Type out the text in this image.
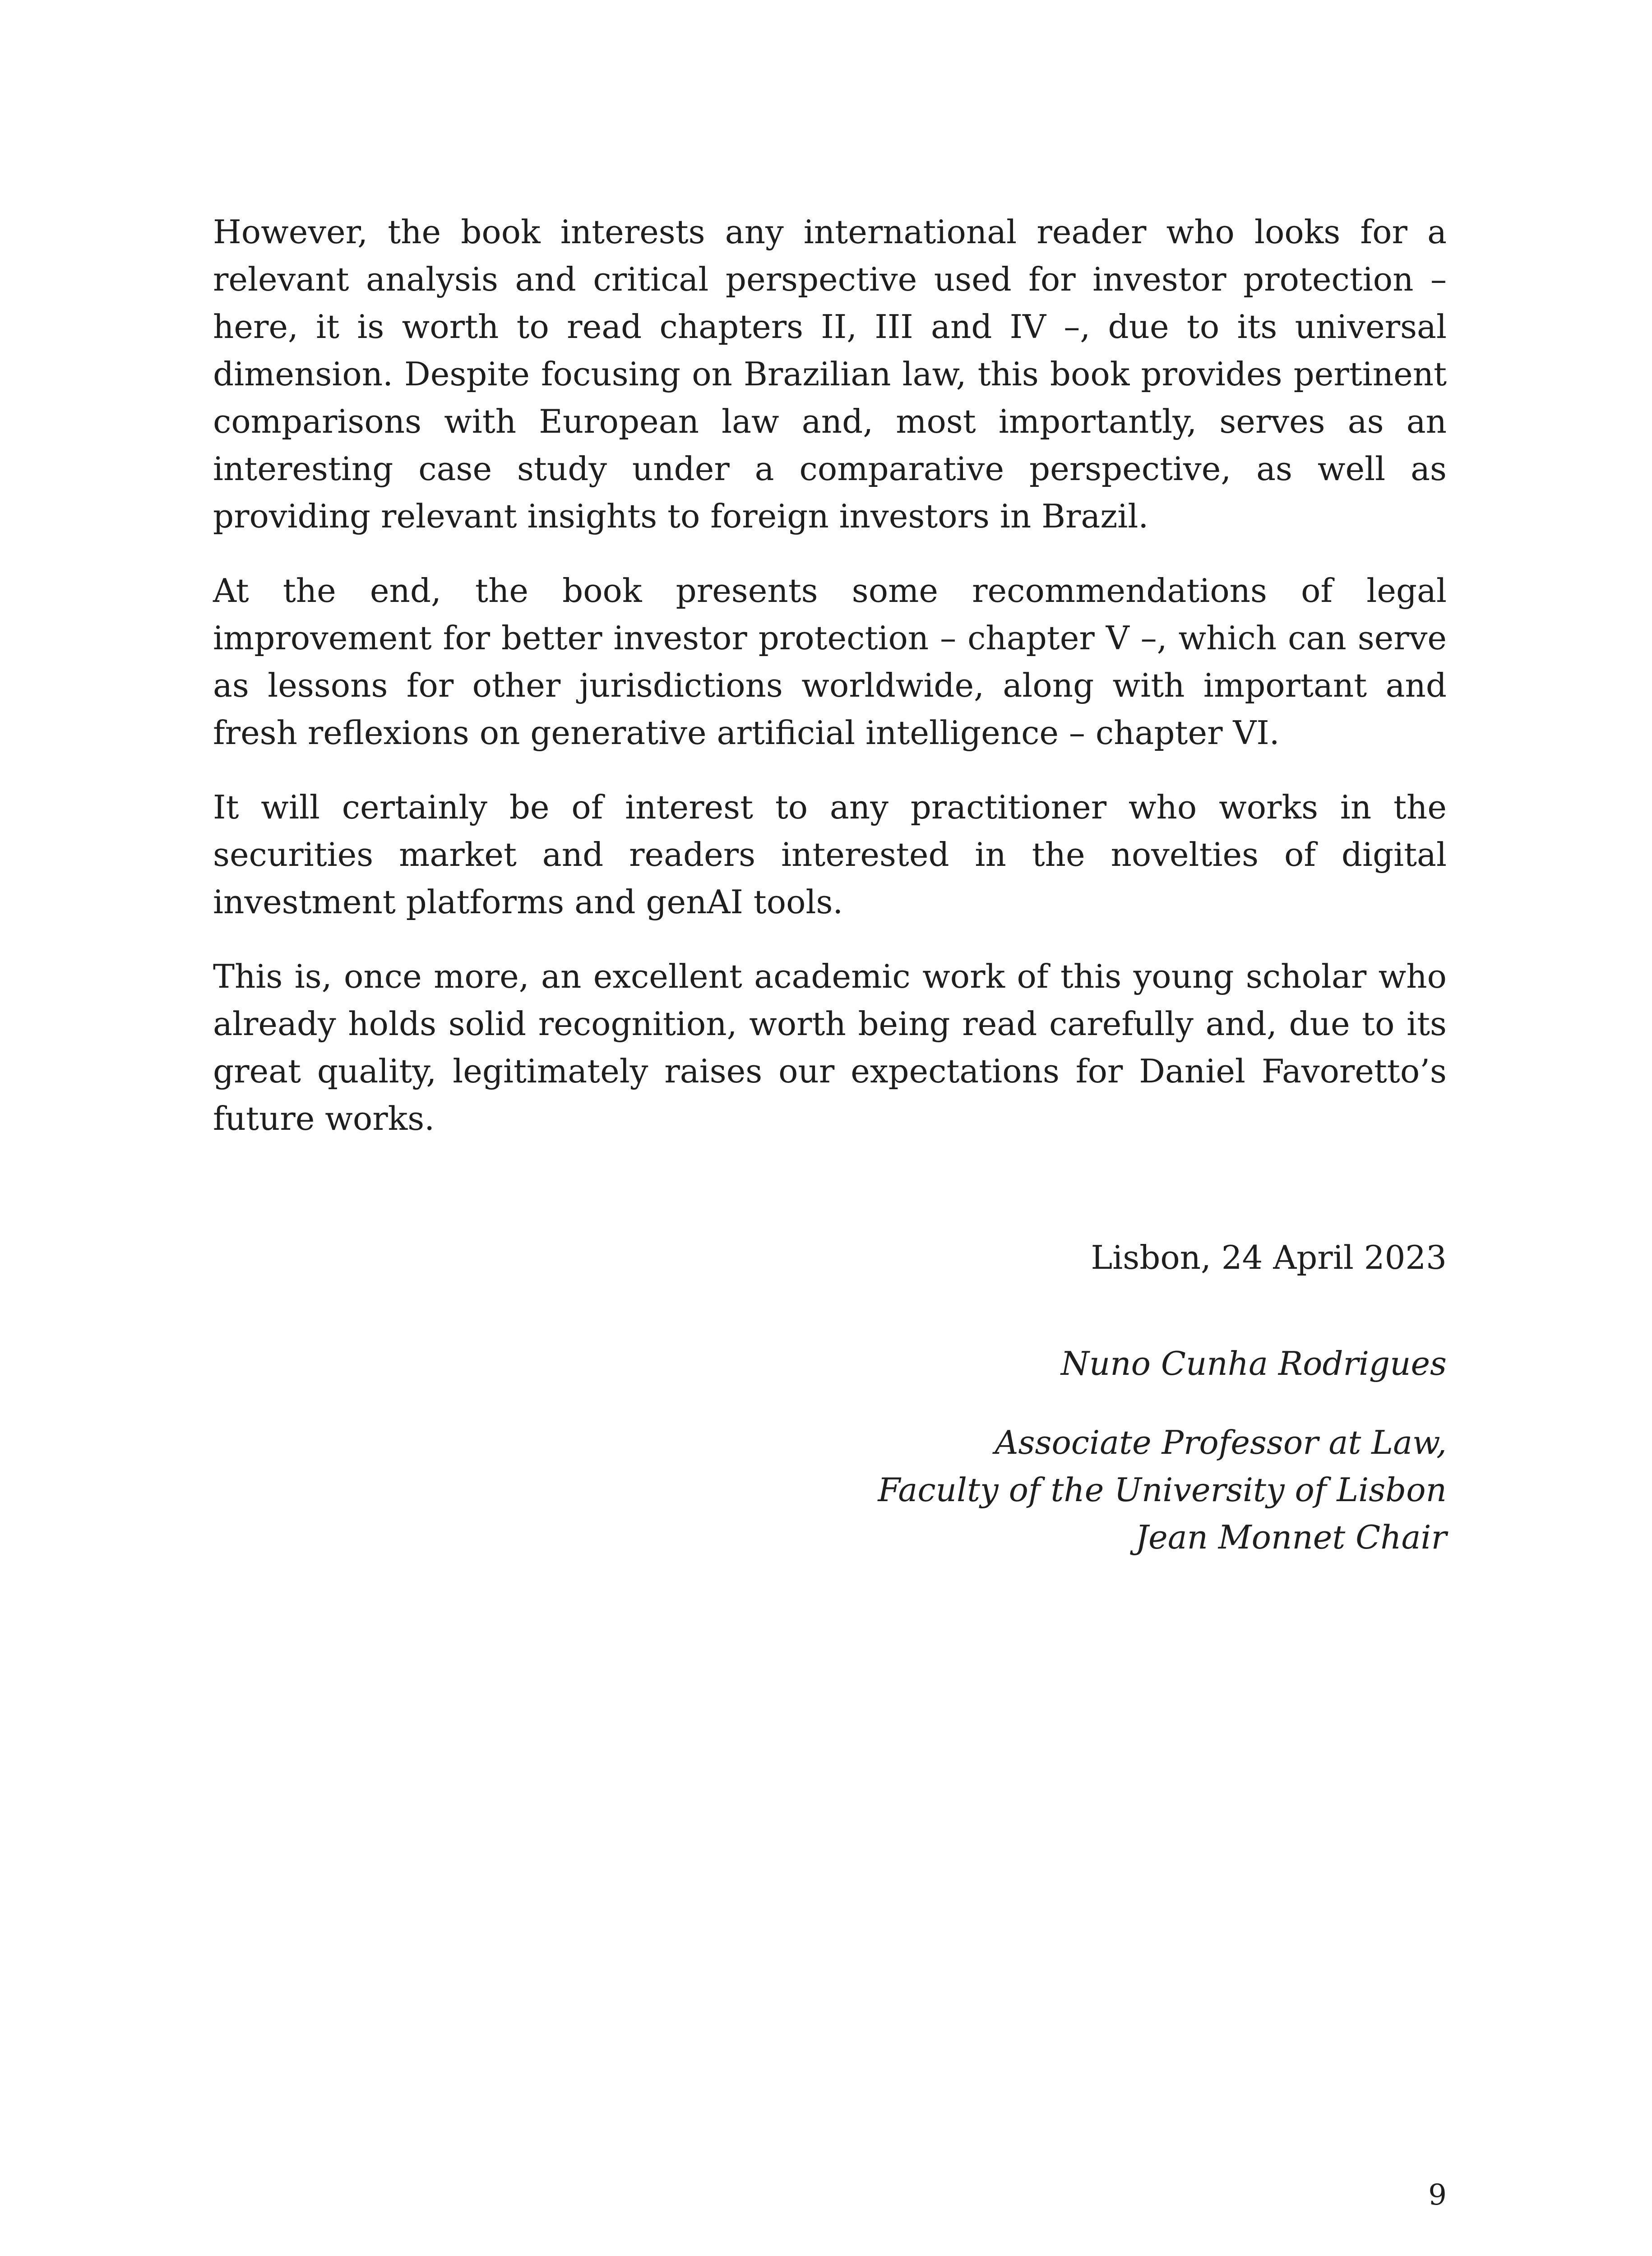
However, the book interests any international reader who looks for a relevant analysis and critical perspective used for investor protection – here, it is worth to read chapters II, III and IV –, due to its universal dimension. Despite focusing on Brazilian law, this book provides pertinent comparisons with European law and, most importantly, serves as an interesting case study under a comparative perspective, as well as providing relevant insights to foreign investors in Brazil.

At the end, the book presents some recommendations of legal improvement for better investor protection – chapter V –, which can serve as lessons for other jurisdictions worldwide, along with important and fresh reflexions on generative artificial intelligence – chapter VI.

It will certainly be of interest to any practitioner who works in the securities market and readers interested in the novelties of digital investment platforms and genAI tools.

This is, once more, an excellent academic work of this young scholar who already holds solid recognition, worth being read carefully and, due to its great quality, legitimately raises our expectations for Daniel Favoretto’s future works.

Lisbon, 24 April 2023

Nuno Cunha Rodrigues

Associate Professor at Law,

Faculty of the University of Lisbon

Jean Monnet Chair

9
